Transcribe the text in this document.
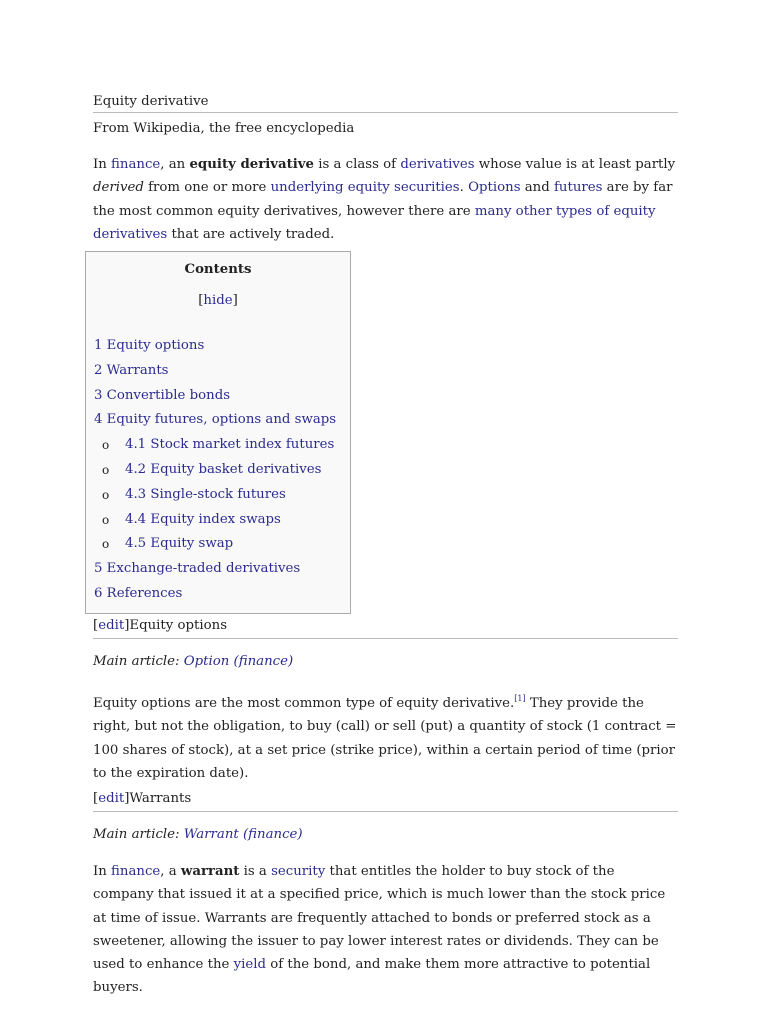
Equity derivative
From Wikipedia, the free encyclopedia

In finance, an equity derivative is a class of derivatives whose value is at least partly derived from one or more underlying equity securities. Options and futures are by far the most common equity derivatives, however there are many other types of equity derivatives that are actively traded.

Contents
[hide]
1 Equity options
2 Warrants
3 Convertible bonds
4 Equity futures, options and swaps
o 4.1 Stock market index futures
o 4.2 Equity basket derivatives
o 4.3 Single-stock futures
o 4.4 Equity index swaps
o 4.5 Equity swap
5 Exchange-traded derivatives
6 References
[edit]Equity options
Main article: Option (finance)

Equity options are the most common type of equity derivative.[1] They provide the right, but not the obligation, to buy (call) or sell (put) a quantity of stock (1 contract = 100 shares of stock), at a set price (strike price), within a certain period of time (prior to the expiration date).

[edit]Warrants
Main article: Warrant (finance)

In finance, a warrant is a security that entitles the holder to buy stock of the company that issued it at a specified price, which is much lower than the stock price at time of issue. Warrants are frequently attached to bonds or preferred stock as a sweetener, allowing the issuer to pay lower interest rates or dividends. They can be used to enhance the yield of the bond, and make them more attractive to potential buyers.
